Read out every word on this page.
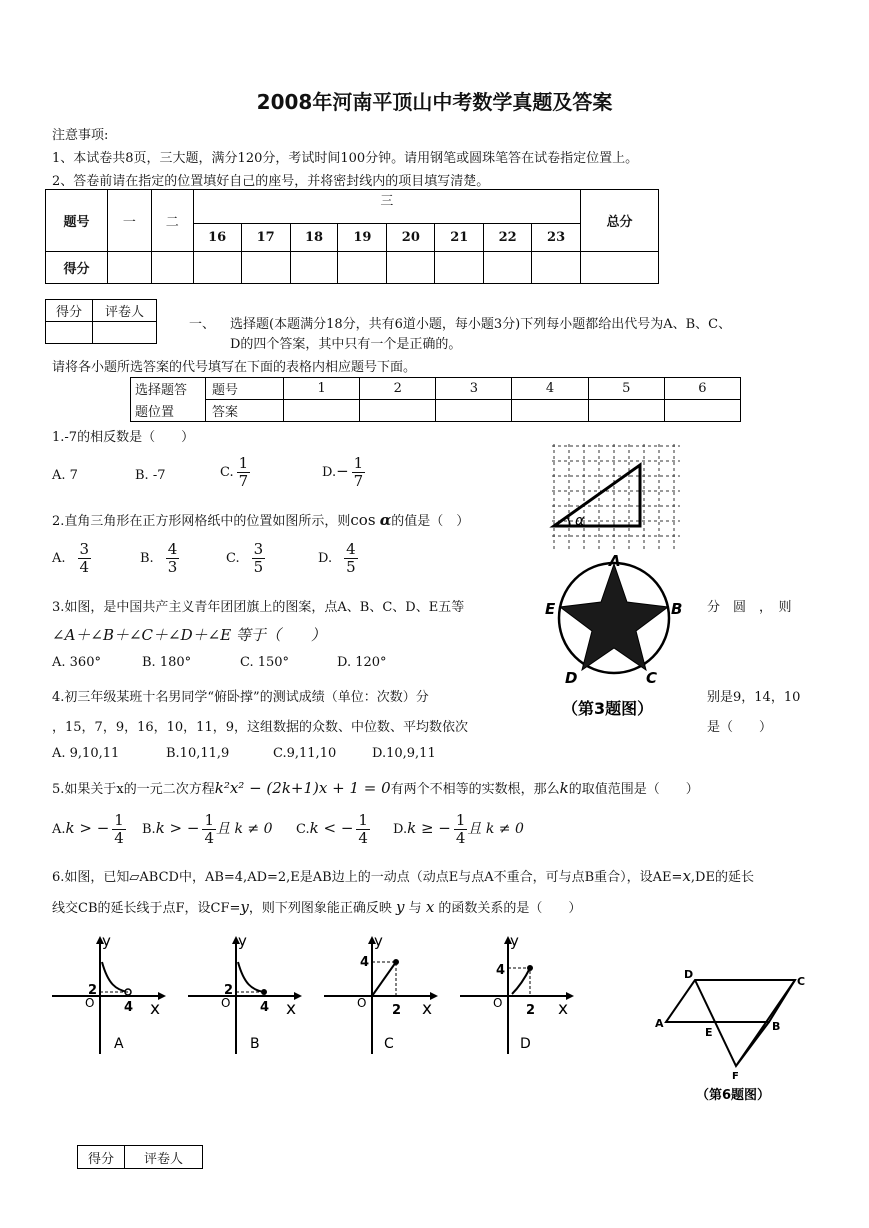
2008年河南平顶山中考数学真题及答案
注意事项:
1、本试卷共8页，三大题，满分120分，考试时间100分钟。请用钢笔或圆珠笔答在试卷指定位置上。
2、答卷前请在指定的位置填好自己的座号，并将密封线内的项目填写清楚。
题号	一	二	三								总分
			16	17	18	19	20	21	22	23	
得分											
得分	评卷人

一、 选择题(本题满分18分，共有6道小题，每小题3分)下列每小题都给出代号为A、B、C、
D的四个答案，其中只有一个是正确的。
请将各小题所选答案的代号填写在下面的表格内相应题号下面。
选择题答	题号	1	2	3	4	5	6
题位置	答案						
1.-7的相反数是（　　）
A. 7	B. -7	C. $\frac{1}{7}$	$D.- \frac{1}{7}$
α
2.直角三角形在正方形网格纸中的位置如图所示，则cos α的值是（　）
A. $\frac{3}{4}$	B. $\frac{4}{3}$	C. $\frac{3}{5}$	D. $\frac{4}{5}$	A
B
C
D
E
（第3题图）
3.如图，是中国共产主义青年团团旗上的图案，点A、B、C、D、E五等	分　圆　，　则
∠A＋∠B＋∠C＋∠D＋∠E 等于（　　）
A. 360°	B. 180°	C. 150°	D. 120°
4.初三年级某班十名男同学“俯卧撑”的测试成绩（单位：次数）分	别是9，14，10
，15，7，9，16，10，11，9，这组数据的众数、中位数、平均数依次	是（　　）
A. 9,10,11	B.10,11,9	C.9,11,10	D.10,9,11
5.如果关于x的一元二次方程k²x² − (2k+1)x + 1 = 0有两个不相等的实数根，那么k的取值范围是（　　）
A.k > − $\frac{1}{4} B.k$ > − $\frac{1}{4}$ 且 k ≠ 0 C.k < − $\frac{1}{4} D.k$ ≥ − $\frac{1}{4}$ 且 k ≠ 0
6.如图，已知▱ABCD中，AB=4,AD=2,E是AB边上的一动点（动点E与点A不重合，可与点B重合），设AE=x,DE的延长
线交CB的延长线于点F，设CF=y，则下列图象能正确反映 y 与 x 的函数关系的是（　　）
y
x
O
2
4
A
y
x
O
2
4
B
y
x
O
4
2
C
y
x
O
4
2
D
D
C
A
E	B
F
（第6题图）
得分	评卷人
